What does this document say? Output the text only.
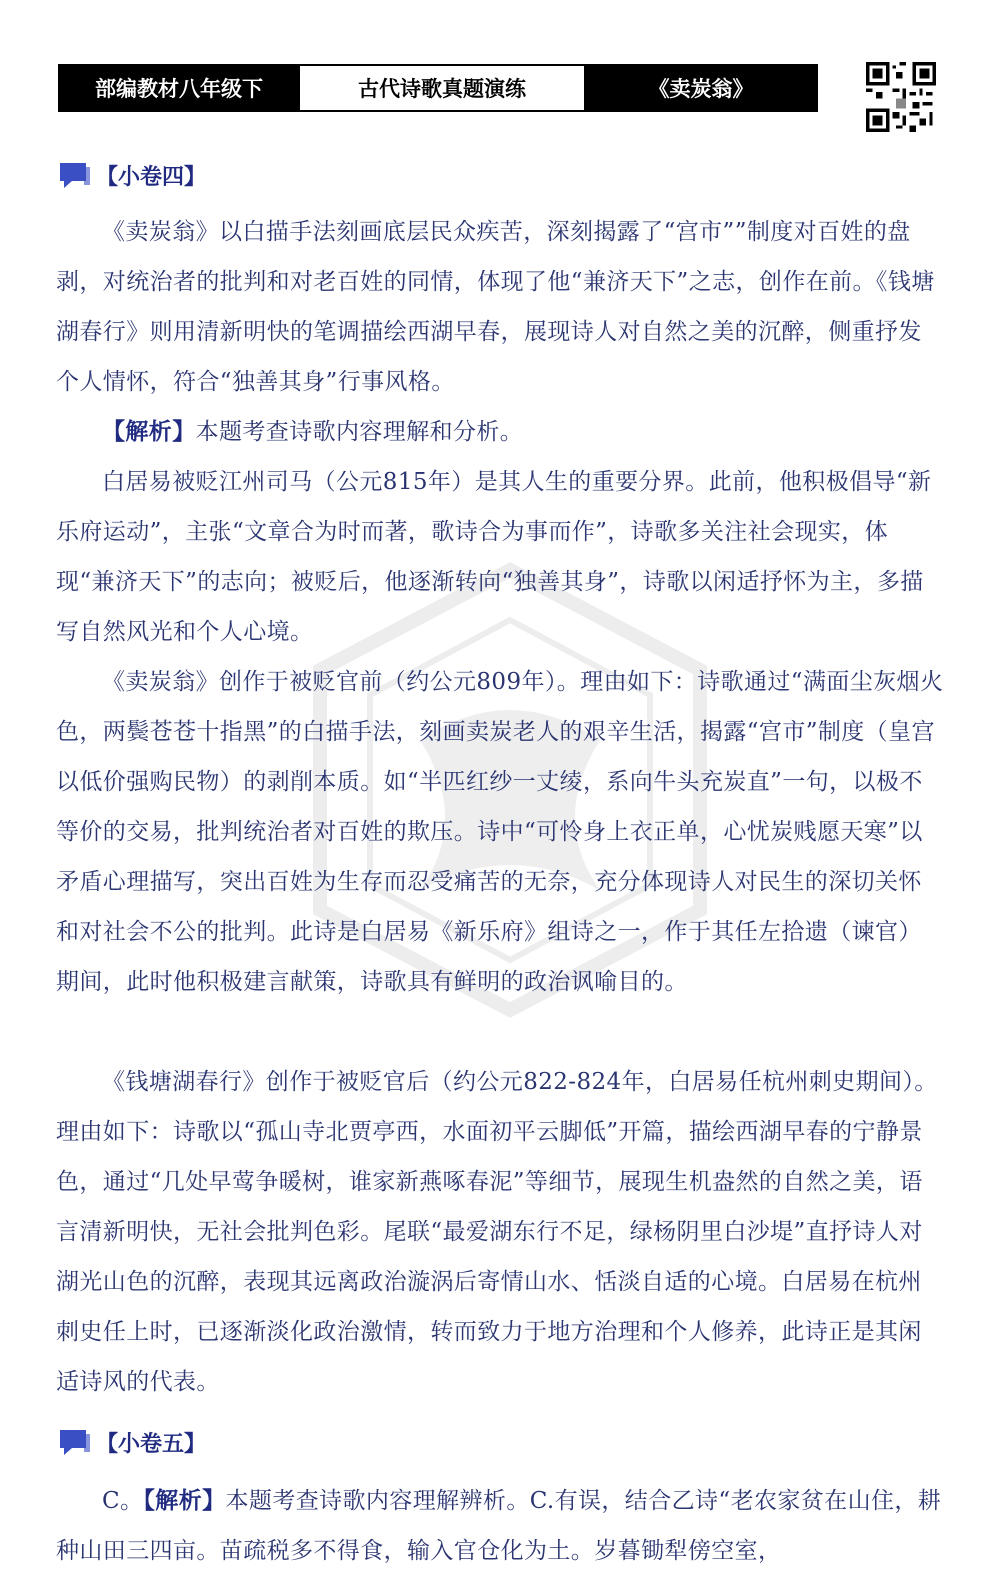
部编教材八年级下	古代诗歌真题演练	《卖炭翁》
【小卷四】

《卖炭翁》以白描手法刻画底层民众疾苦，深刻揭露了“宫市””制度对百姓的盘剥，对统治者的批判和对老百姓的同情，体现了他“兼济天下”之志，创作在前。《钱塘湖春行》则用清新明快的笔调描绘西湖早春，展现诗人对自然之美的沉醉，侧重抒发个人情怀，符合“独善其身”行事风格。

【解析】本题考查诗歌内容理解和分析。

白居易被贬江州司马（公元815年）是其人生的重要分界。此前，他积极倡导“新乐府运动”，主张“文章合为时而著，歌诗合为事而作”，诗歌多关注社会现实，体现“兼济天下”的志向；被贬后，他逐渐转向“独善其身”，诗歌以闲适抒怀为主，多描写自然风光和个人心境。

《卖炭翁》创作于被贬官前（约公元809年）。理由如下：诗歌通过“满面尘灰烟火色，两鬓苍苍十指黑”的白描手法，刻画卖炭老人的艰辛生活，揭露“宫市”制度（皇宫以低价强购民物）的剥削本质。如“半匹红纱一丈绫，系向牛头充炭直”一句，以极不等价的交易，批判统治者对百姓的欺压。诗中“可怜身上衣正单，心忧炭贱愿天寒”以矛盾心理描写，突出百姓为生存而忍受痛苦的无奈，充分体现诗人对民生的深切关怀和对社会不公的批判。此诗是白居易《新乐府》组诗之一，作于其任左拾遗（谏官）期间，此时他积极建言献策，诗歌具有鲜明的政治讽喻目的。

《钱塘湖春行》创作于被贬官后（约公元822-824年，白居易任杭州刺史期间）。理由如下：诗歌以“孤山寺北贾亭西，水面初平云脚低”开篇，描绘西湖早春的宁静景色，通过“几处早莺争暖树，谁家新燕啄春泥”等细节，展现生机盎然的自然之美，语言清新明快，无社会批判色彩。尾联“最爱湖东行不足，绿杨阴里白沙堤”直抒诗人对湖光山色的沉醉，表现其远离政治漩涡后寄情山水、恬淡自适的心境。白居易在杭州刺史任上时，已逐渐淡化政治激情，转而致力于地方治理和个人修养，此诗正是其闲适诗风的代表。

【小卷五】

C。【解析】本题考查诗歌内容理解辨析。C.有误，结合乙诗“老农家贫在山住，耕种山田三四亩。苗疏税多不得食，输入官仓化为土。岁暮锄犁傍空室，
